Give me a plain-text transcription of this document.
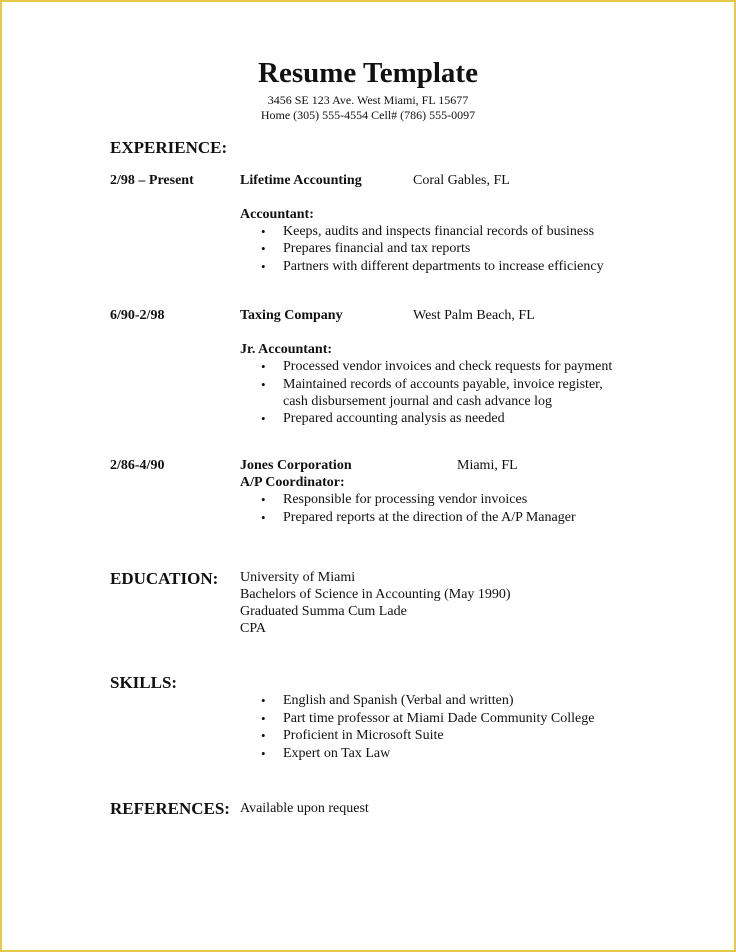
Resume Template
3456 SE 123 Ave. West Miami, FL 15677
Home (305) 555-4554 Cell# (786) 555-0097
EXPERIENCE:
2/98 – Present	Lifetime Accounting	Coral Gables, FL
Accountant:
• Keeps, audits and inspects financial records of business
• Prepares financial and tax reports
• Partners with different departments to increase efficiency
6/90-2/98	Taxing Company	West Palm Beach, FL
Jr. Accountant:
• Processed vendor invoices and check requests for payment
• Maintained records of accounts payable, invoice register,
cash disbursement journal and cash advance log
• Prepared accounting analysis as needed
2/86-4/90	Jones Corporation	Miami, FL
A/P Coordinator:
• Responsible for processing vendor invoices
• Prepared reports at the direction of the A/P Manager
EDUCATION: University of Miami
Bachelors of Science in Accounting (May 1990)
Graduated Summa Cum Lade
CPA
SKILLS:
• English and Spanish (Verbal and written)
• Part time professor at Miami Dade Community College
• Proficient in Microsoft Suite
• Expert on Tax Law
REFERENCES: Available upon request
